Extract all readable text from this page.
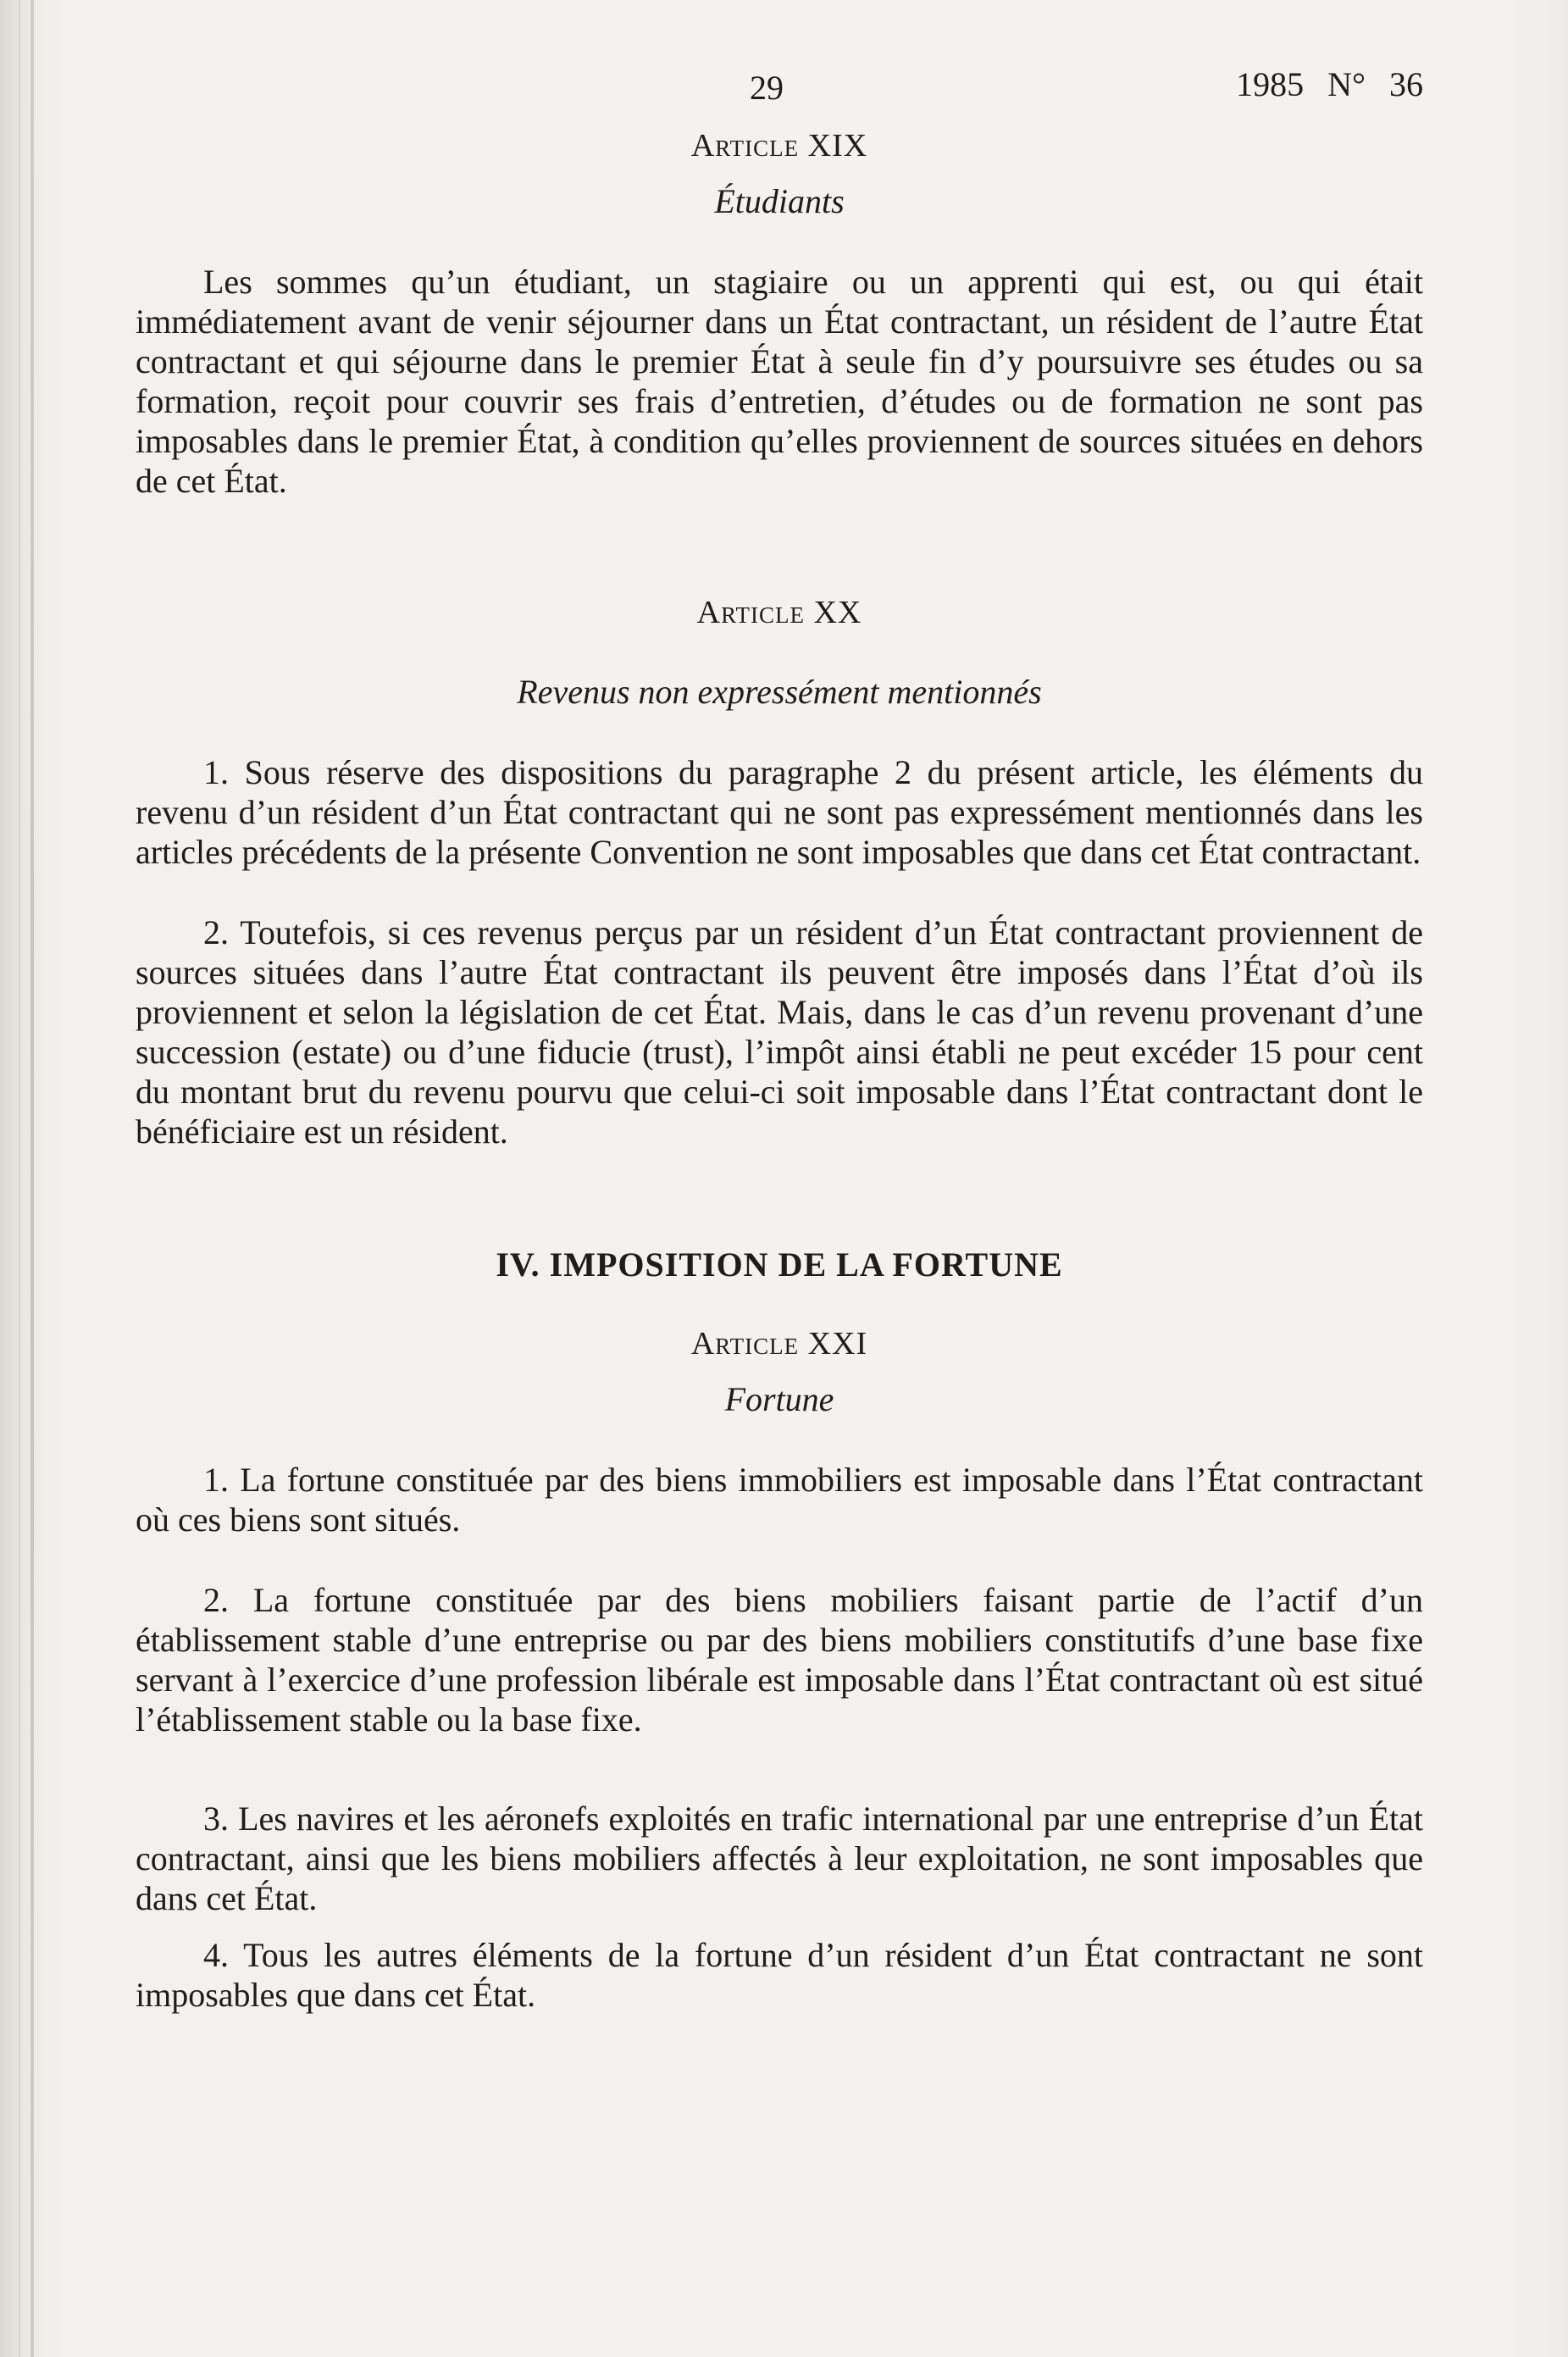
29	1985 N° 36

Article XIX

Étudiants

Les sommes qu’un étudiant, un stagiaire ou un apprenti qui est, ou qui était immédiatement avant de venir séjourner dans un État contractant, un résident de l’autre État contractant et qui séjourne dans le premier État à seule fin d’y poursuivre ses études ou sa formation, reçoit pour couvrir ses frais d’entretien, d’études ou de formation ne sont pas imposables dans le premier État, à condition qu’elles proviennent de sources situées en dehors de cet État.

Article XX

Revenus non expressément mentionnés

1. Sous réserve des dispositions du paragraphe 2 du présent article, les éléments du revenu d’un résident d’un État contractant qui ne sont pas expressément mentionnés dans les articles précédents de la présente Convention ne sont imposables que dans cet État contractant.

2. Toutefois, si ces revenus perçus par un résident d’un État contractant proviennent de sources situées dans l’autre État contractant ils peuvent être imposés dans l’État d’où ils proviennent et selon la législation de cet État. Mais, dans le cas d’un revenu provenant d’une succession (estate) ou d’une fiducie (trust), l’impôt ainsi établi ne peut excéder 15 pour cent du montant brut du revenu pourvu que celui-ci soit imposable dans l’État contractant dont le bénéficiaire est un résident.

IV. IMPOSITION DE LA FORTUNE

Article XXI

Fortune

1. La fortune constituée par des biens immobiliers est imposable dans l’État contractant où ces biens sont situés.

2. La fortune constituée par des biens mobiliers faisant partie de l’actif d’un établissement stable d’une entreprise ou par des biens mobiliers constitutifs d’une base fixe servant à l’exercice d’une profession libérale est imposable dans l’État contractant où est situé l’établissement stable ou la base fixe.

3. Les navires et les aéronefs exploités en trafic international par une entreprise d’un État contractant, ainsi que les biens mobiliers affectés à leur exploitation, ne sont imposables que dans cet État.

4. Tous les autres éléments de la fortune d’un résident d’un État contractant ne sont imposables que dans cet État.
